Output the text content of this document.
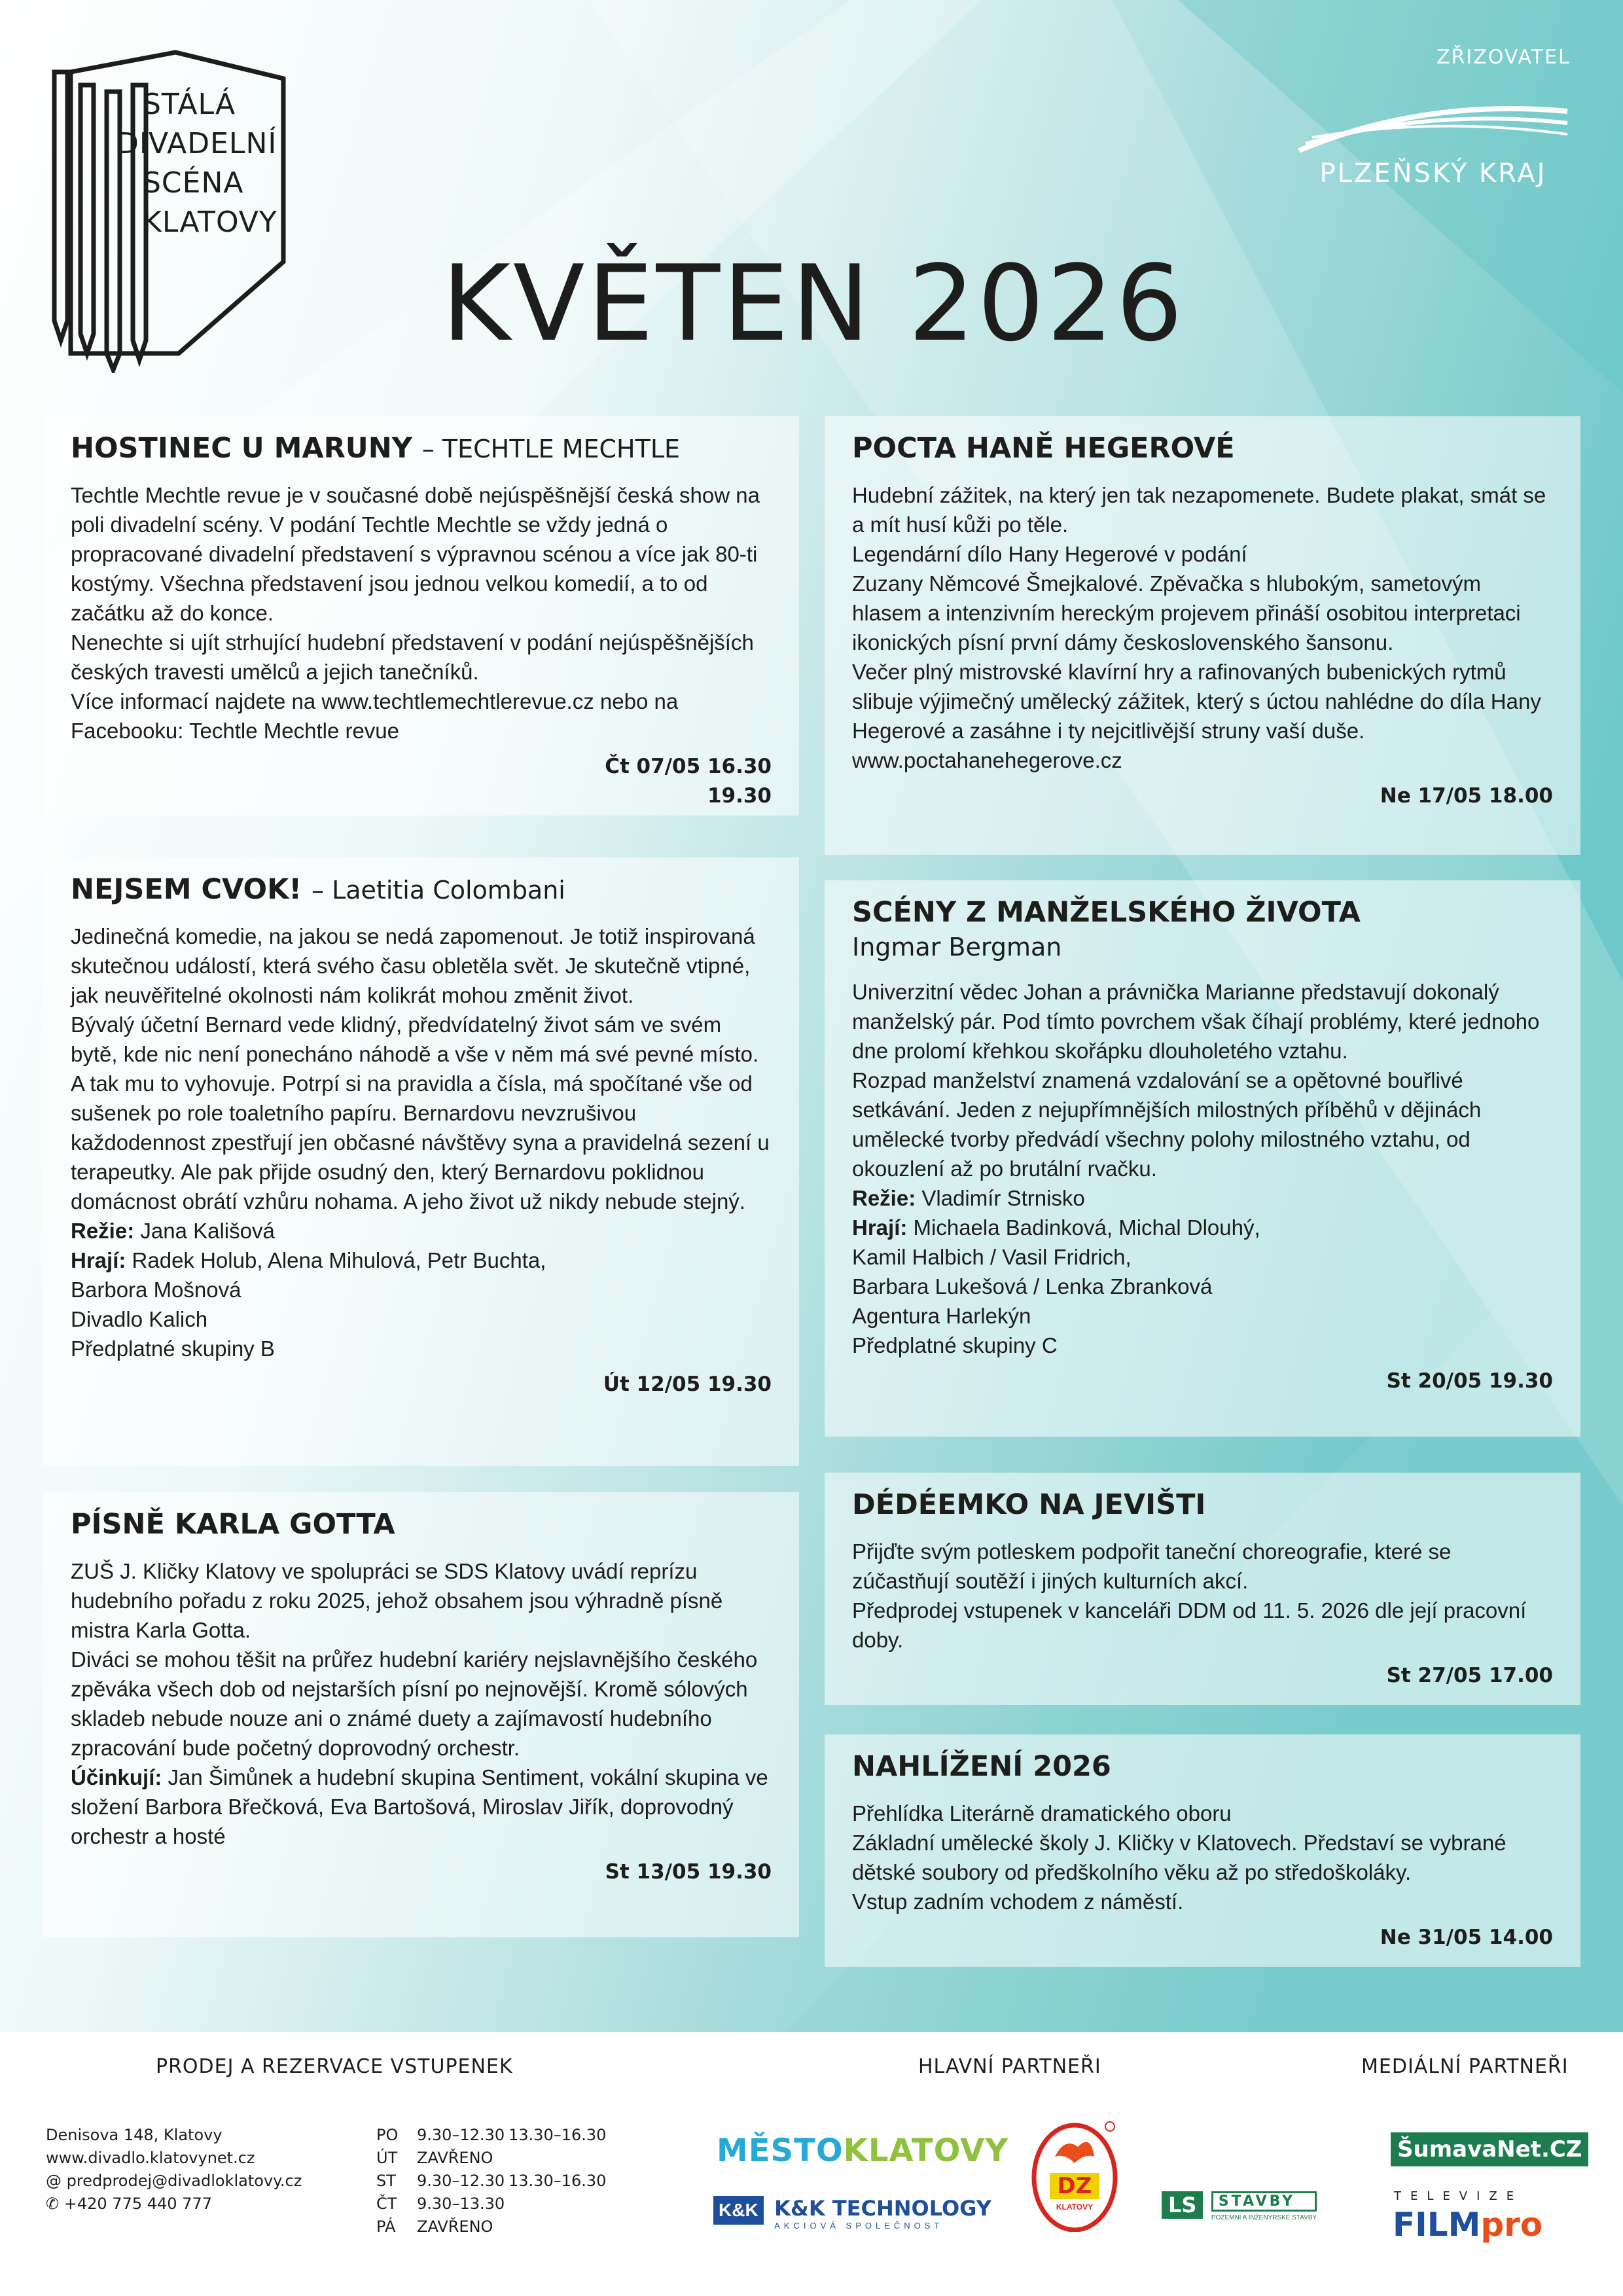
STÁLÁ
DIVADELNÍ
SCÉNA
KLATOVY
ZŘIZOVATEL
PLZEŇSKÝ KRAJ
KVĚTEN 2026
HOSTINEC U MARUNY – TECHTLE MECHTLE

Techtle Mechtle revue je v současné době nejúspěšnější česká show na poli divadelní scény. V podání Techtle Mechtle se vždy jedná o propracované divadelní představení s výpravnou scénou a více jak 80-ti kostýmy. Všechna představení jsou jednou velkou komedií, a to od začátku až do konce.

Nenechte si ujít strhující hudební představení v podání nejúspěšnějších českých travesti umělců a jejich tanečníků.

Více informací najdete na www.techtlemechtlerevue.cz nebo na Facebooku: Techtle Mechtle revue

Čt 07/05 16.30
19.30
NEJSEM CVOK! – Laetitia Colombani

Jedinečná komedie, na jakou se nedá zapomenout. Je totiž inspirovaná skutečnou událostí, která svého času obletěla svět. Je skutečně vtipné, jak neuvěřitelné okolnosti nám kolikrát mohou změnit život.

Bývalý účetní Bernard vede klidný, předvídatelný život sám ve svém bytě, kde nic není ponecháno náhodě a vše v něm má své pevné místo. A tak mu to vyhovuje. Potrpí si na pravidla a čísla, má spočítané vše od sušenek po role toaletního papíru. Bernardovu nevzrušivou každodennost zpestřují jen občasné návštěvy syna a pravidelná sezení u terapeutky. Ale pak přijde osudný den, který Bernardovu poklidnou domácnost obrátí vzhůru nohama. A jeho život už nikdy nebude stejný.

Režie: Jana Kališová

Hrají: Radek Holub, Alena Mihulová, Petr Buchta,

Barbora Mošnová

Divadlo Kalich

Předplatné skupiny B

Út 12/05 19.30
PÍSNĚ KARLA GOTTA

ZUŠ J. Kličky Klatovy ve spolupráci se SDS Klatovy uvádí reprízu hudebního pořadu z roku 2025, jehož obsahem jsou výhradně písně mistra Karla Gotta.

Diváci se mohou těšit na průřez hudební kariéry nejslavnějšího českého zpěváka všech dob od nejstarších písní po nejnovější. Kromě sólových skladeb nebude nouze ani o známé duety a zajímavostí hudebního zpracování bude početný doprovodný orchestr.

Účinkují: Jan Šimůnek a hudební skupina Sentiment, vokální skupina ve složení Barbora Břečková, Eva Bartošová, Miroslav Jiřík, doprovodný orchestr a hosté

St 13/05 19.30
POCTA HANĚ HEGEROVÉ

Hudební zážitek, na který jen tak nezapomenete. Budete plakat, smát se a mít husí kůži po těle.

Legendární dílo Hany Hegerové v podání

Zuzany Němcové Šmejkalové. Zpěvačka s hlubokým, sametovým hlasem a intenzivním hereckým projevem přináší osobitou interpretaci ikonických písní první dámy československého šansonu.

Večer plný mistrovské klavírní hry a rafinovaných bubenických rytmů slibuje výjimečný umělecký zážitek, který s úctou nahlédne do díla Hany Hegerové a zasáhne i ty nejcitlivější struny vaší duše.

www.poctahanehegerove.cz

Ne 17/05 18.00
SCÉNY Z MANŽELSKÉHO ŽIVOTA
Ingmar Bergman

Univerzitní vědec Johan a právnička Marianne představují dokonalý manželský pár. Pod tímto povrchem však číhají problémy, které jednoho dne prolomí křehkou skořápku dlouholetého vztahu.

Rozpad manželství znamená vzdalování se a opětovné bouřlivé setkávání. Jeden z nejupřímnějších milostných příběhů v dějinách umělecké tvorby předvádí všechny polohy milostného vztahu, od okouzlení až po brutální rvačku.

Režie: Vladimír Strnisko

Hrají: Michaela Badinková, Michal Dlouhý,

Kamil Halbich / Vasil Fridrich,

Barbara Lukešová / Lenka Zbranková

Agentura Harlekýn

Předplatné skupiny C

St 20/05 19.30
DÉDÉEMKO NA JEVIŠTI

Přijďte svým potleskem podpořit taneční choreografie, které se zúčastňují soutěží i jiných kulturních akcí.

Předprodej vstupenek v kanceláři DDM od 11. 5. 2026 dle její pracovní doby.

St 27/05 17.00
NAHLÍŽENÍ 2026

Přehlídka Literárně dramatického oboru

Základní umělecké školy J. Kličky v Klatovech. Představí se vybrané dětské soubory od předškolního věku až po středoškoláky.

Vstup zadním vchodem z náměstí.

Ne 31/05 14.00
PRODEJ A REZERVACE VSTUPENEK	HLAVNÍ PARTNEŘI	MEDIÁLNÍ PARTNEŘI
Denisova 148, Klatovy
www.divadlo.klatovynet.cz
@ predprodej@divadloklatovy.cz
✆ +420 775 440 777
PO 9.30–12.30 13.30–16.30
ÚT ZAVŘENO
ST 9.30–12.30 13.30–16.30
ČT 9.30–13.30
PÁ ZAVŘENO
MĚSTOKLATOVY
K&K K&K TECHNOLOGY
AKCIOVÁ SPOLEČNOST
DZ
KLATOVY	LS	STAVBY
POZEMNÍ A INŽENÝRSKÉ STAVBY
ŠumavaNet.CZ
TELEVIZE
FILMpro
